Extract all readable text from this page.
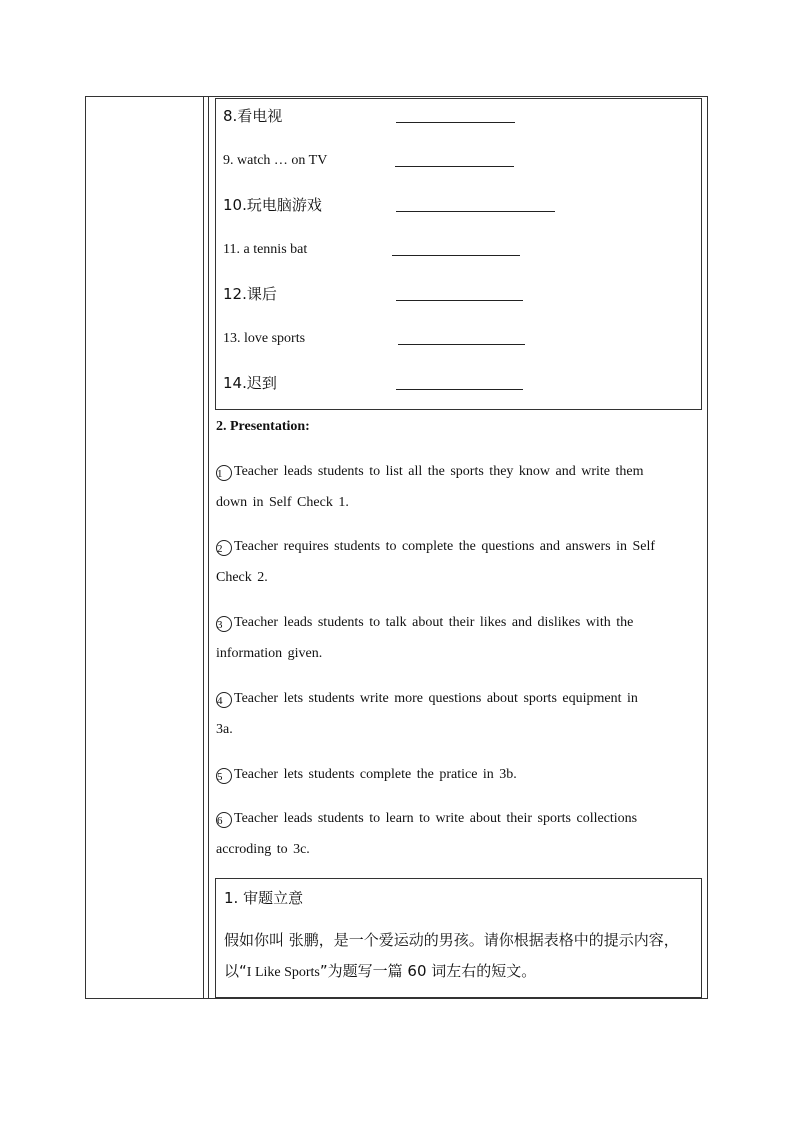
8.看电视
9. watch … on TV
10.玩电脑游戏
11. a tennis bat
12.课后
13. love sports
14.迟到
2. Presentation:
1 Teacher leads students to list all the sports they know and write them
down in Self Check 1.
2 Teacher requires students to complete the questions and answers in Self
Check 2.
3 Teacher leads students to talk about their likes and dislikes with the
information given.
4 Teacher lets students write more questions about sports equipment in
3a.
5 Teacher lets students complete the pratice in 3b.
6 Teacher leads students to learn to write about their sports collections
accroding to 3c.
1. 审题立意
假如你叫 张鹏，是一个爱运动的男孩。请你根据表格中的提示内容，
以“I Like Sports”为题写一篇 60 词左右的短文。
